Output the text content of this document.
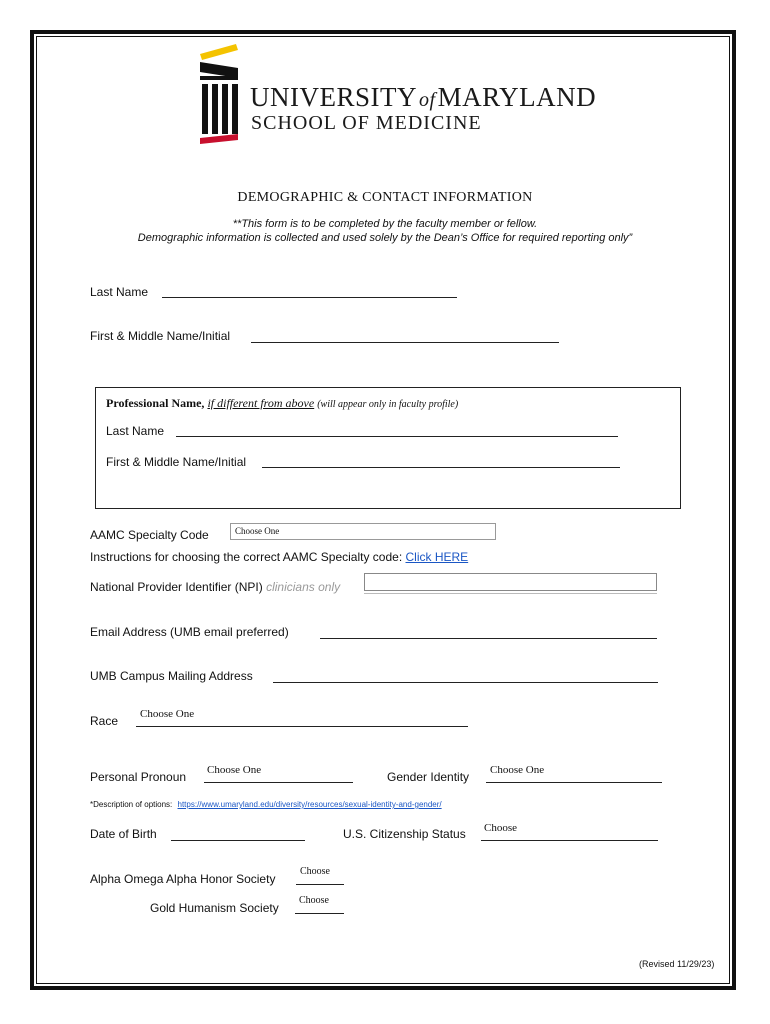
UNIVERSITY ofMARYLAND
SCHOOL OF MEDICINE
DEMOGRAPHIC & CONTACT INFORMATION
**This form is to be completed by the faculty member or fellow.
Demographic information is collected and used solely by the Dean’s Office for required reporting only”
Last Name
First & Middle Name/Initial
Professional Name, if different from above (will appear only in faculty profile)
Last Name
First & Middle Name/Initial
AAMC Specialty Code	Choose One
Instructions for choosing the correct AAMC Specialty code: Click HERE
National Provider Identifier (NPI) clinicians only
Email Address (UMB email preferred)
UMB Campus Mailing Address
Race Choose One
Personal Pronoun Choose One	Gender Identity Choose One
*Description of options: https://www.umaryland.edu/diversity/resources/sexual-identity-and-gender/
Date of Birth	U.S. Citizenship Status Choose
Alpha Omega Alpha Honor Society
Choose
Gold Humanism Society
Choose
(Revised 11/29/23)
